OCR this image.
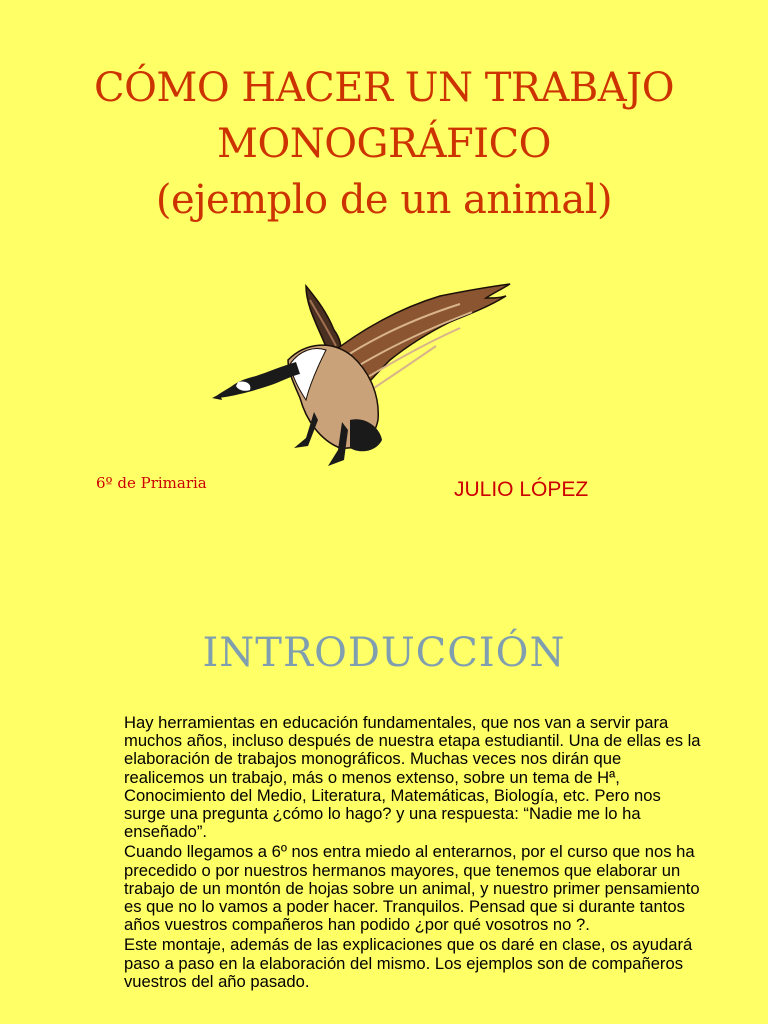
CÓMO HACER UN TRABAJO
MONOGRÁFICO
(ejemplo de un animal)
6º de Primaria	JULIO LÓPEZ
INTRODUCCIÓN

Hay herramientas en educación fundamentales, que nos van a servir para muchos años, incluso después de nuestra etapa estudiantil. Una de ellas es la elaboración de trabajos monográficos. Muchas veces nos dirán que realicemos un trabajo, más o menos extenso, sobre un tema de Hª, Conocimiento del Medio, Literatura, Matemáticas, Biología, etc. Pero nos surge una pregunta ¿cómo lo hago? y una respuesta: “Nadie me lo ha enseñado”.

Cuando llegamos a 6º nos entra miedo al enterarnos, por el curso que nos ha precedido o por nuestros hermanos mayores, que tenemos que elaborar un trabajo de un montón de hojas sobre un animal, y nuestro primer pensamiento es que no lo vamos a poder hacer. Tranquilos. Pensad que si durante tantos años vuestros compañeros han podido ¿por qué vosotros no ?.

Este montaje, además de las explicaciones que os daré en clase, os ayudará paso a paso en la elaboración del mismo. Los ejemplos son de compañeros vuestros del año pasado.
